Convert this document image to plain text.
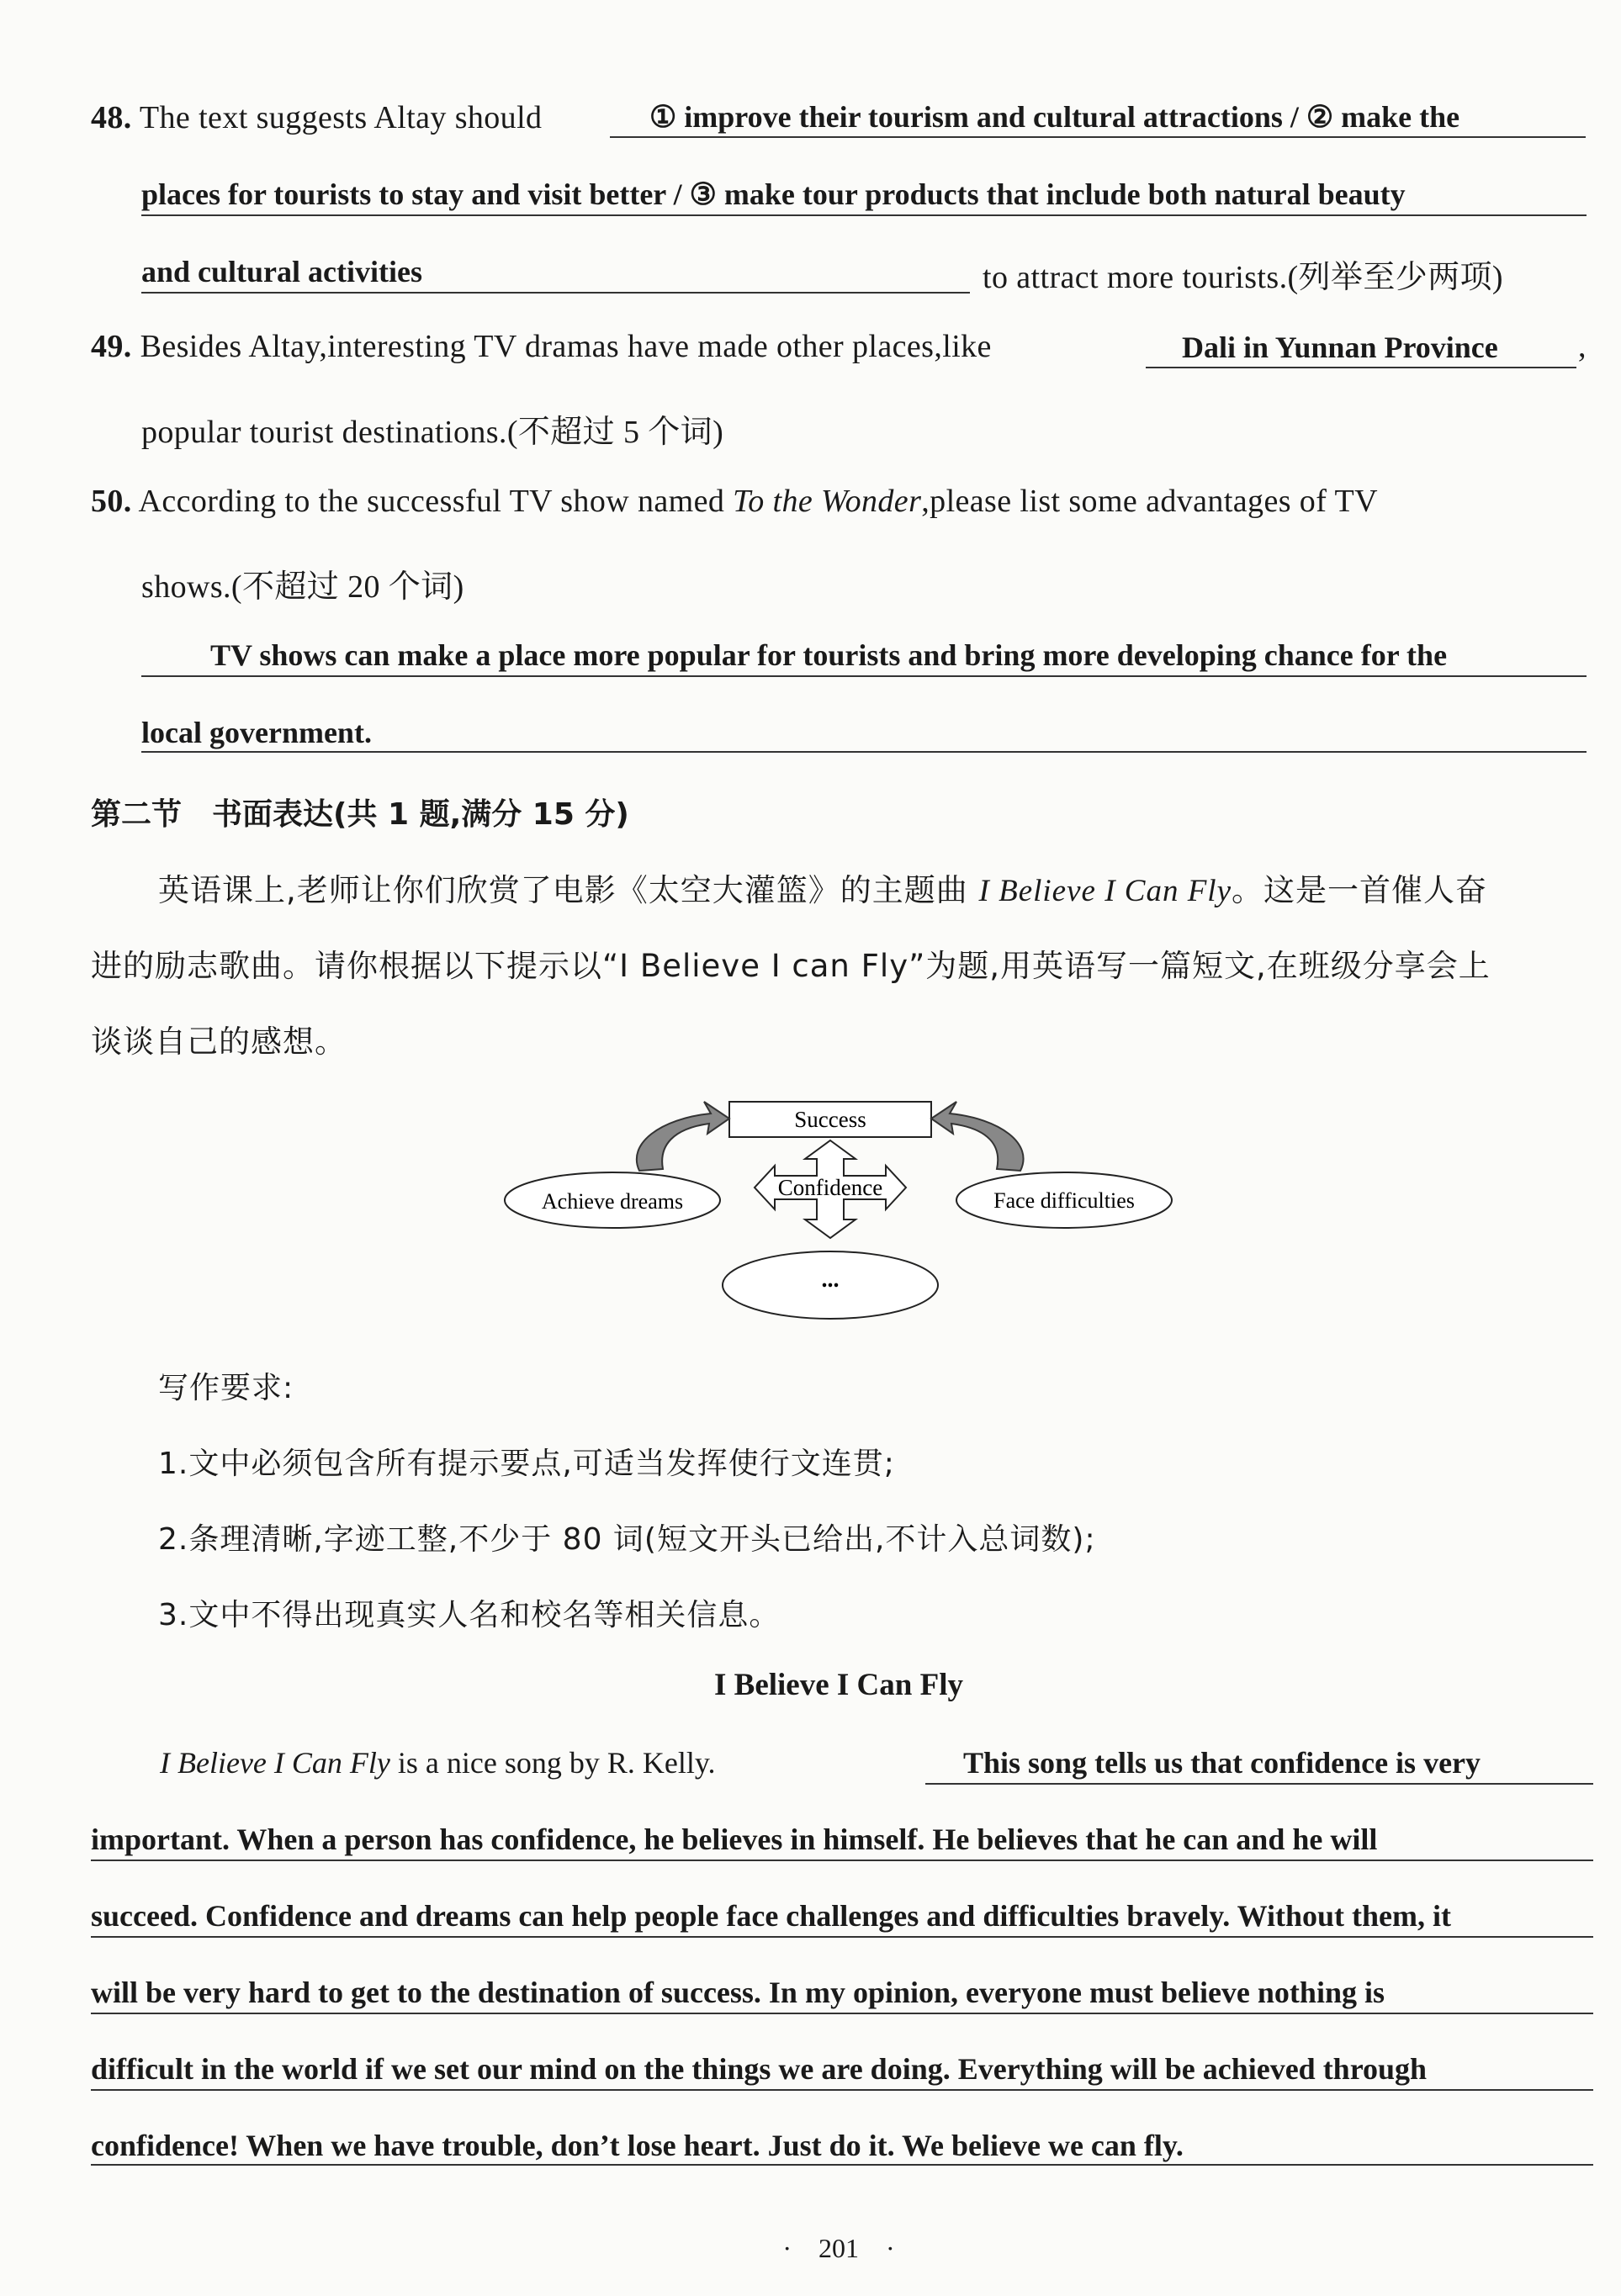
48. The text suggests Altay should	① improve their tourism and cultural attractions / ② make the
places for tourists to stay and visit better / ③ make tour products that include both natural beauty
and cultural activities	to attract more tourists.(列举至少两项)
49. Besides Altay,interesting TV dramas have made other places,like	Dali in Yunnan Province	,
popular tourist destinations.(不超过 5 个词)
50. According to the successful TV show named To the Wonder,please list some advantages of TV
shows.(不超过 20 个词)
TV shows can make a place more popular for tourists and bring more developing chance for the
local government.
第二节　书面表达(共 1 题,满分 15 分)
英语课上,老师让你们欣赏了电影《太空大灌篮》的主题曲 I Believe I Can Fly。这是一首催人奋
进的励志歌曲。请你根据以下提示以“I Believe I can Fly”为题,用英语写一篇短文,在班级分享会上
谈谈自己的感想。
Success
Achieve dreams	Face difficulties
Confidence
...
写作要求:
1.文中必须包含所有提示要点,可适当发挥使行文连贯;
2.条理清晰,字迹工整,不少于 80 词(短文开头已给出,不计入总词数);
3.文中不得出现真实人名和校名等相关信息。
I Believe I Can Fly
I Believe I Can Fly is a nice song by R. Kelly.	This song tells us that confidence is very
important. When a person has confidence, he believes in himself. He believes that he can and he will
succeed. Confidence and dreams can help people face challenges and difficulties bravely. Without them, it
will be very hard to get to the destination of success. In my opinion, everyone must believe nothing is
difficult in the world if we set our mind on the things we are doing. Everything will be achieved through
confidence! When we have trouble, don’t lose heart. Just do it. We believe we can fly.
·　201　·
